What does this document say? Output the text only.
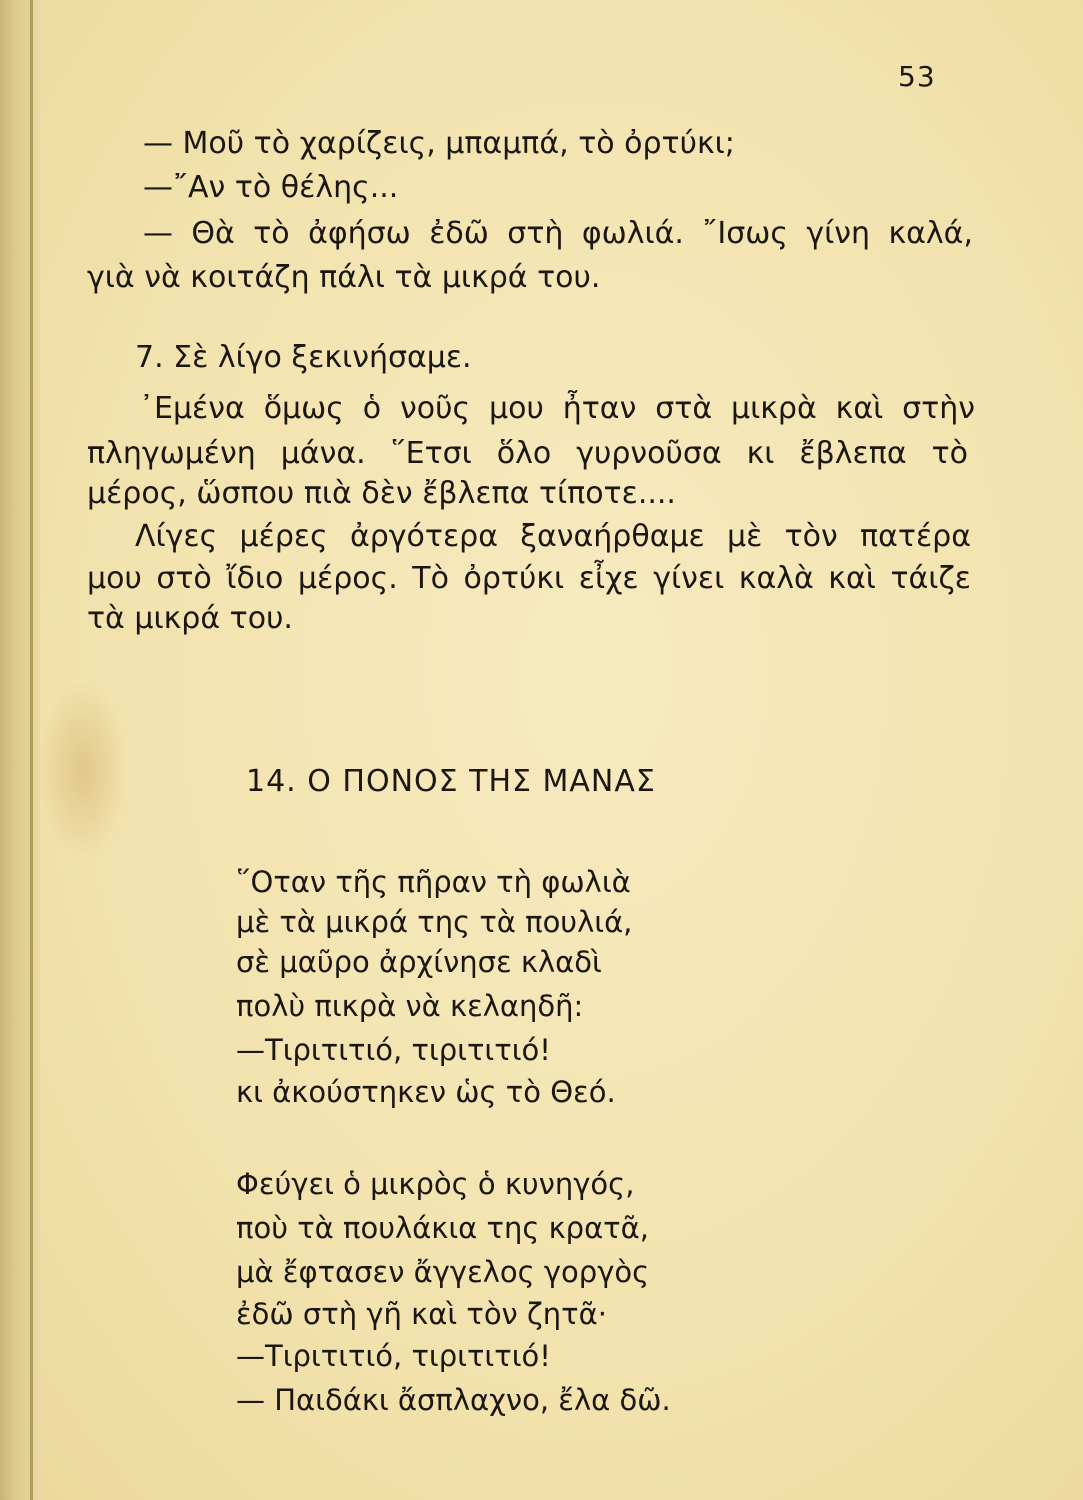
53

— Μοῦ τὸ χαρίζεις, μπαμπά, τὸ ὀρτύκι;

—῎Αν τὸ θέλης...

— Θὰ τὸ ἀφήσω ἐδῶ στὴ φωλιά. ῎Ισως γίνη καλά,

γιὰ νὰ κοιτάζη πάλι τὰ μικρά του.

7. Σὲ λίγο ξεκινήσαμε.

᾿Εμένα ὅμως ὁ νοῦς μου ἦταν στὰ μικρὰ καὶ στὴν

πληγωμένη μάνα. ῞Ετσι ὅλο γυρνοῦσα κι ἔβλεπα τὸ

μέρος, ὥσπου πιὰ δὲν ἔβλεπα τίποτε....

Λίγες μέρες ἀργότερα ξαναήρθαμε μὲ τὸν πατέρα

μου στὸ ἴδιο μέρος. Τὸ ὀρτύκι εἶχε γίνει καλὰ καὶ τάιζε

τὰ μικρά του.

14. Ο ΠΟΝΟΣ ΤΗΣ ΜΑΝΑΣ

῞Οταν τῆς πῆραν τὴ φωλιὰ

μὲ τὰ μικρά της τὰ πουλιά,

σὲ μαῦρο ἀρχίνησε κλαδὶ

πολὺ πικρὰ νὰ κελαηδῆ:

—Τιριτιτιό, τιριτιτιό!

κι ἀκούστηκεν ὡς τὸ Θεό.

Φεύγει ὁ μικρὸς ὁ κυνηγός,

ποὺ τὰ πουλάκια της κρατᾶ,

μὰ ἔφτασεν ἄγγελος γοργὸς

ἐδῶ στὴ γῆ καὶ τὸν ζητᾶ·

—Τιριτιτιό, τιριτιτιό!

— Παιδάκι ἄσπλαχνο, ἔλα δῶ.
